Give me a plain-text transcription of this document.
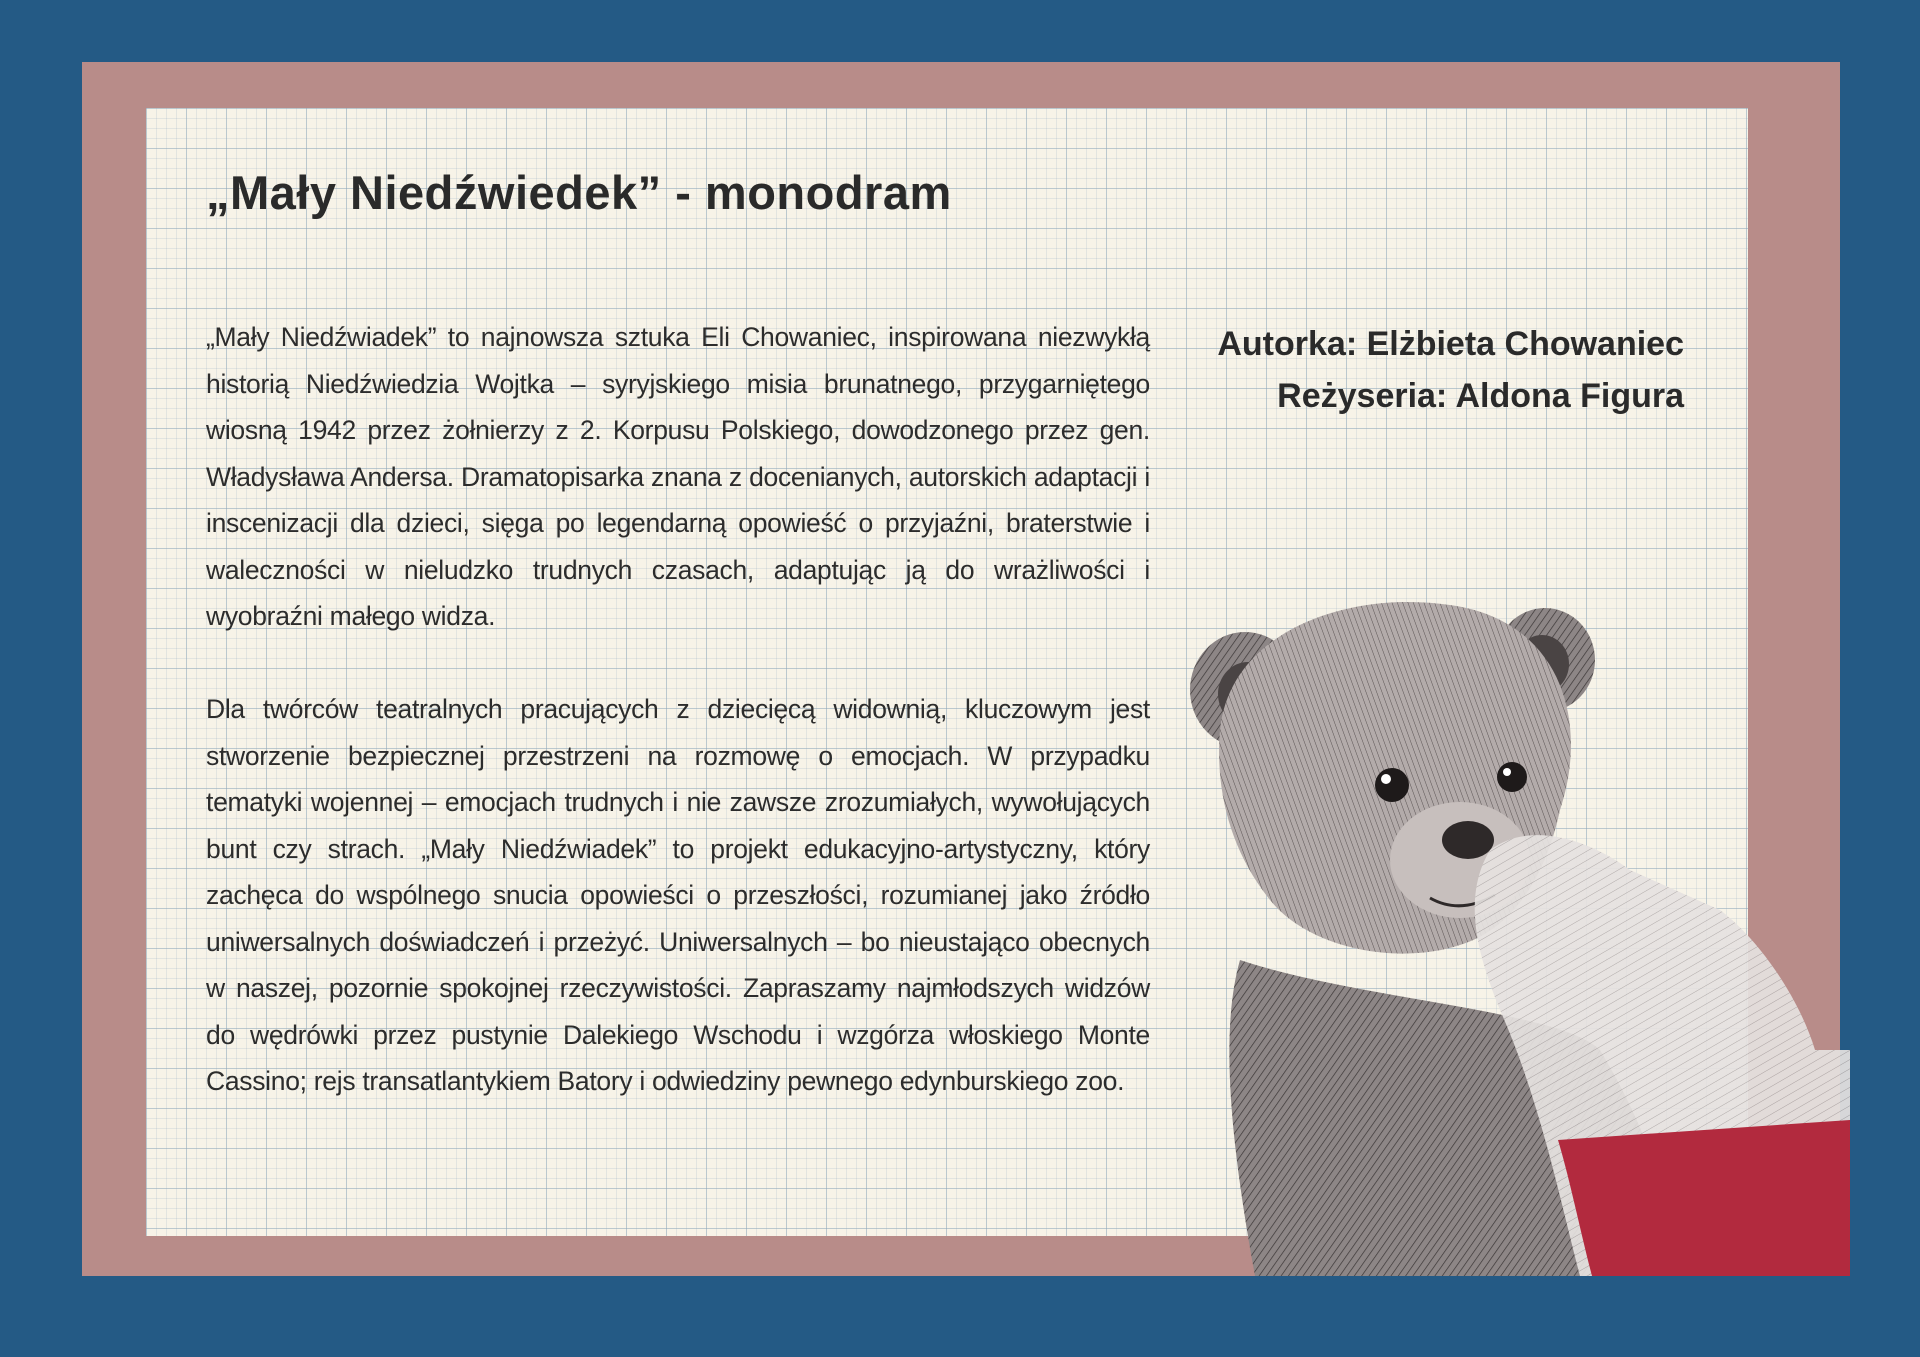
„Mały Niedźwiedek” - monodram

„Mały Niedźwiadek” to najnowsza sztuka Eli Chowaniec, inspirowana niezwykłą historią Niedźwiedzia Wojtka – syryjskiego misia brunatnego, przygarniętego wiosną 1942 przez żołnierzy z 2. Korpusu Polskiego, dowodzonego przez gen. Władysława Andersa. Dramatopisarka znana z docenianych, autorskich adaptacji i inscenizacji dla dzieci, sięga po legendarną opowieść o przyjaźni, braterstwie i waleczności w nieludzko trudnych czasach, adaptując ją do wrażliwości i wyobraźni małego widza.

Dla twórców teatralnych pracujących z dziecięcą widownią, kluczowym jest stworzenie bezpiecznej przestrzeni na rozmowę o emocjach. W przypadku tematyki wojennej – emocjach trudnych i nie zawsze zrozumiałych, wywołujących bunt czy strach. „Mały Niedźwiadek” to projekt edukacyjno-artystyczny, który zachęca do wspólnego snucia opowieści o przeszłości, rozumianej jako źródło uniwersalnych doświadczeń i przeżyć. Uniwersalnych – bo nieustająco obecnych w naszej, pozornie spokojnej rzeczywistości. Zapraszamy najmłodszych widzów do wędrówki przez pustynie Dalekiego Wschodu i wzgórza włoskiego Monte Cassino; rejs transatlantykiem Batory i odwiedziny pewnego edynburskiego zoo.

Autorka: Elżbieta Chowaniec
Reżyseria: Aldona Figura
